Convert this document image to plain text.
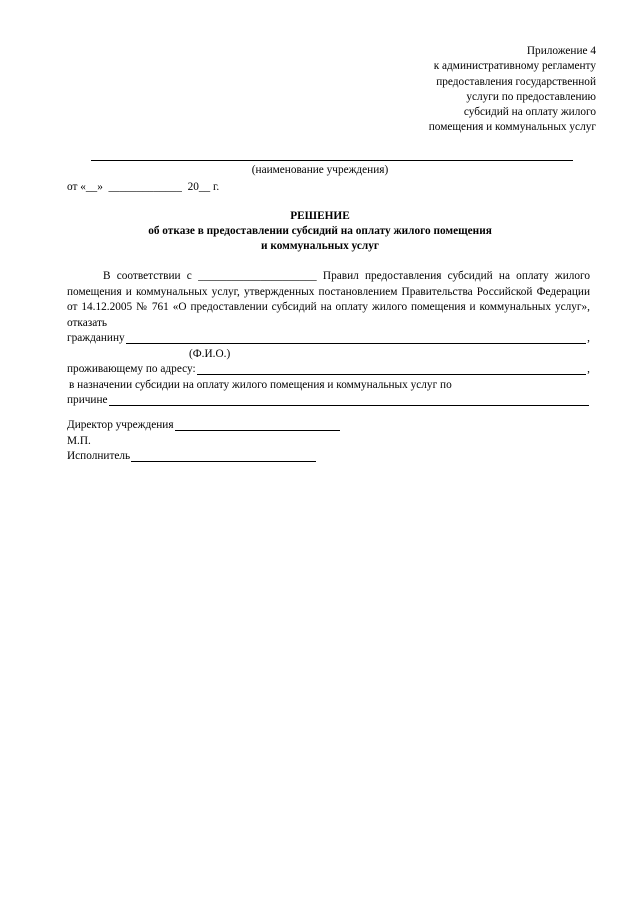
Приложение 4
к административному регламенту
предоставления государственной
услуги по предоставлению
субсидий на оплату жилого
помещения и коммунальных услуг
(наименование учреждения)
от «__» _____________ 20__ г.
РЕШЕНИЕ
об отказе в предоставлении субсидий на оплату жилого помещения
и коммунальных услуг

В соответствии с _____________________ Правил предоставления субсидий на оплату жилого помещения и коммунальных услуг, утвержденных постановлением Правительства Российской Федерации от 14.12.2005 № 761 «О предоставлении субсидий на оплату жилого помещения и коммунальных услуг», отказать

гражданину	,
(Ф.И.О.)
проживающему по адресу:	,
в назначении субсидии на оплату жилого помещения и коммунальных услуг по
причине
Директор учреждения
М.П.
Исполнитель
